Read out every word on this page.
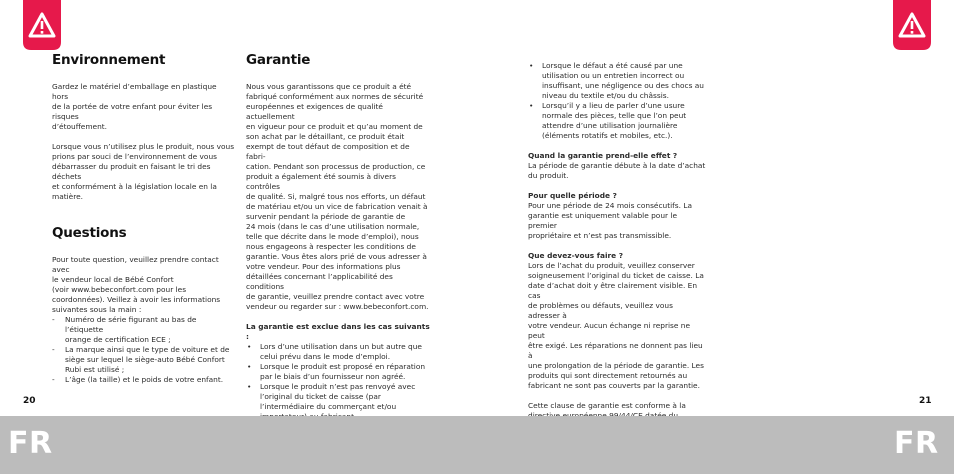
Environnement

Gardez le matériel d’emballage en plastique hors
de la portée de votre enfant pour éviter les risques
d’étouffement.

Lorsque vous n’utilisez plus le produit, nous vous
prions par souci de l’environnement de vous
débarrasser du produit en faisant le tri des déchets
et conformément à la législation locale en la
matière.

Questions

Pour toute question, veuillez prendre contact avec
le vendeur local de Bébé Confort
(voir www.bebeconfort.com pour les
coordonnées). Veillez à avoir les informations
suivantes sous la main :

- Numéro de série figurant au bas de l’étiquette
orange de certification ECE ;
- La marque ainsi que le type de voiture et de
siège sur lequel le siège-auto Bébé Confort
Rubi est utilisé ;
- L’âge (la taille) et le poids de votre enfant.
Garantie

Nous vous garantissons que ce produit a été
fabriqué conformément aux normes de sécurité
européennes et exigences de qualité actuellement
en vigueur pour ce produit et qu’au moment de
son achat par le détaillant, ce produit était
exempt de tout défaut de composition et de fabri-
cation. Pendant son processus de production, ce
produit a également été soumis à divers contrôles
de qualité. Si, malgré tous nos efforts, un défaut
de matériau et/ou un vice de fabrication venait à
survenir pendant la période de garantie de
24 mois (dans le cas d’une utilisation normale,
telle que décrite dans le mode d’emploi), nous
nous engageons à respecter les conditions de
garantie. Vous êtes alors prié de vous adresser à
votre vendeur. Pour des informations plus
détaillées concernant l’applicabilité des conditions
de garantie, veuillez prendre contact avec votre
vendeur ou regarder sur : www.bebeconfort.com.

La garantie est exclue dans les cas suivants :

• Lors d’une utilisation dans un but autre que
celui prévu dans le mode d’emploi.
• Lorsque le produit est proposé en réparation
par le biais d’un fournisseur non agréé.
• Lorsque le produit n’est pas renvoyé avec
l’original du ticket de caisse (par
l’intermédiaire du commerçant et/ou

•

• Lorsque le défaut a été causé par une
utilisation ou un entretien incorrect ou
insuffisant, une négligence ou des chocs au
niveau du textile et/ou du châssis.
• Lorsqu’il y a lieu de parler d’une usure
normale des pièces, telle que l’on peut
attendre d’une utilisation journalière
(éléments rotatifs et mobiles, etc.).

Quand la garantie prend-elle effet ?

La période de garantie débute à la date d’achat
du produit.

Pour quelle période ?

Pour une période de 24 mois consécutifs. La
garantie est uniquement valable pour le premier
propriétaire et n’est pas transmissible.

Que devez-vous faire ?

Lors de l’achat du produit, veuillez conserver
soigneusement l’original du ticket de caisse. La
date d’achat doit y être clairement visible. En cas
de problèmes ou défauts, veuillez vous adresser à
votre vendeur. Aucun échange ni reprise ne peut
être exigé. Les réparations ne donnent pas lieu à
une prolongation de la période de garantie. Les
produits qui sont directement retournés au
fabricant ne sont pas couverts par la garantie.

Cette clause de garantie est conforme à la

20	21
FR	FR
